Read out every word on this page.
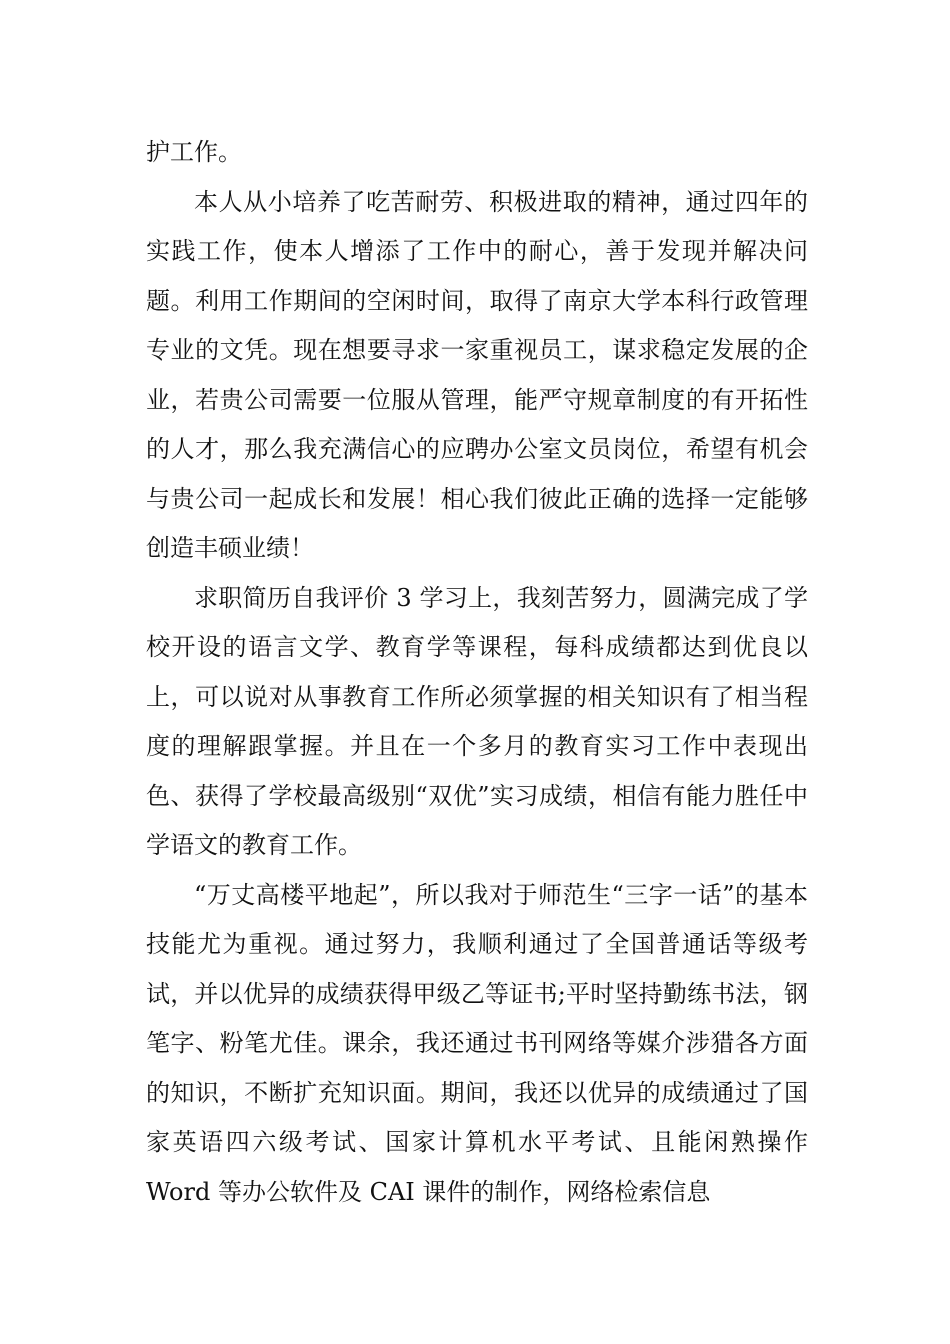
护工作。

本人从小培养了吃苦耐劳、积极进取的精神，通过四年的实践工作，使本人增添了工作中的耐心，善于发现并解决问题。利用工作期间的空闲时间，取得了南京大学本科行政管理专业的文凭。现在想要寻求一家重视员工，谋求稳定发展的企业，若贵公司需要一位服从管理，能严守规章制度的有开拓性的人才，那么我充满信心的应聘办公室文员岗位，希望有机会与贵公司一起成长和发展！相心我们彼此正确的选择一定能够创造丰硕业绩！

求职简历自我评价 3 学习上，我刻苦努力，圆满完成了学校开设的语言文学、教育学等课程，每科成绩都达到优良以上，可以说对从事教育工作所必须掌握的相关知识有了相当程度的理解跟掌握。并且在一个多月的教育实习工作中表现出色、获得了学校最高级别“双优”实习成绩，相信有能力胜任中学语文的教育工作。

“万丈高楼平地起”，所以我对于师范生“三字一话”的基本技能尤为重视。通过努力，我顺利通过了全国普通话等级考试，并以优异的成绩获得甲级乙等证书;平时坚持勤练书法，钢笔字、粉笔尤佳。课余，我还通过书刊网络等媒介涉猎各方面的知识，不断扩充知识面。期间，我还以优异的成绩通过了国家英语四六级考试、国家计算机水平考试、且能闲熟操作 Word 等办公软件及 CAI 课件的制作，网络检索信息
